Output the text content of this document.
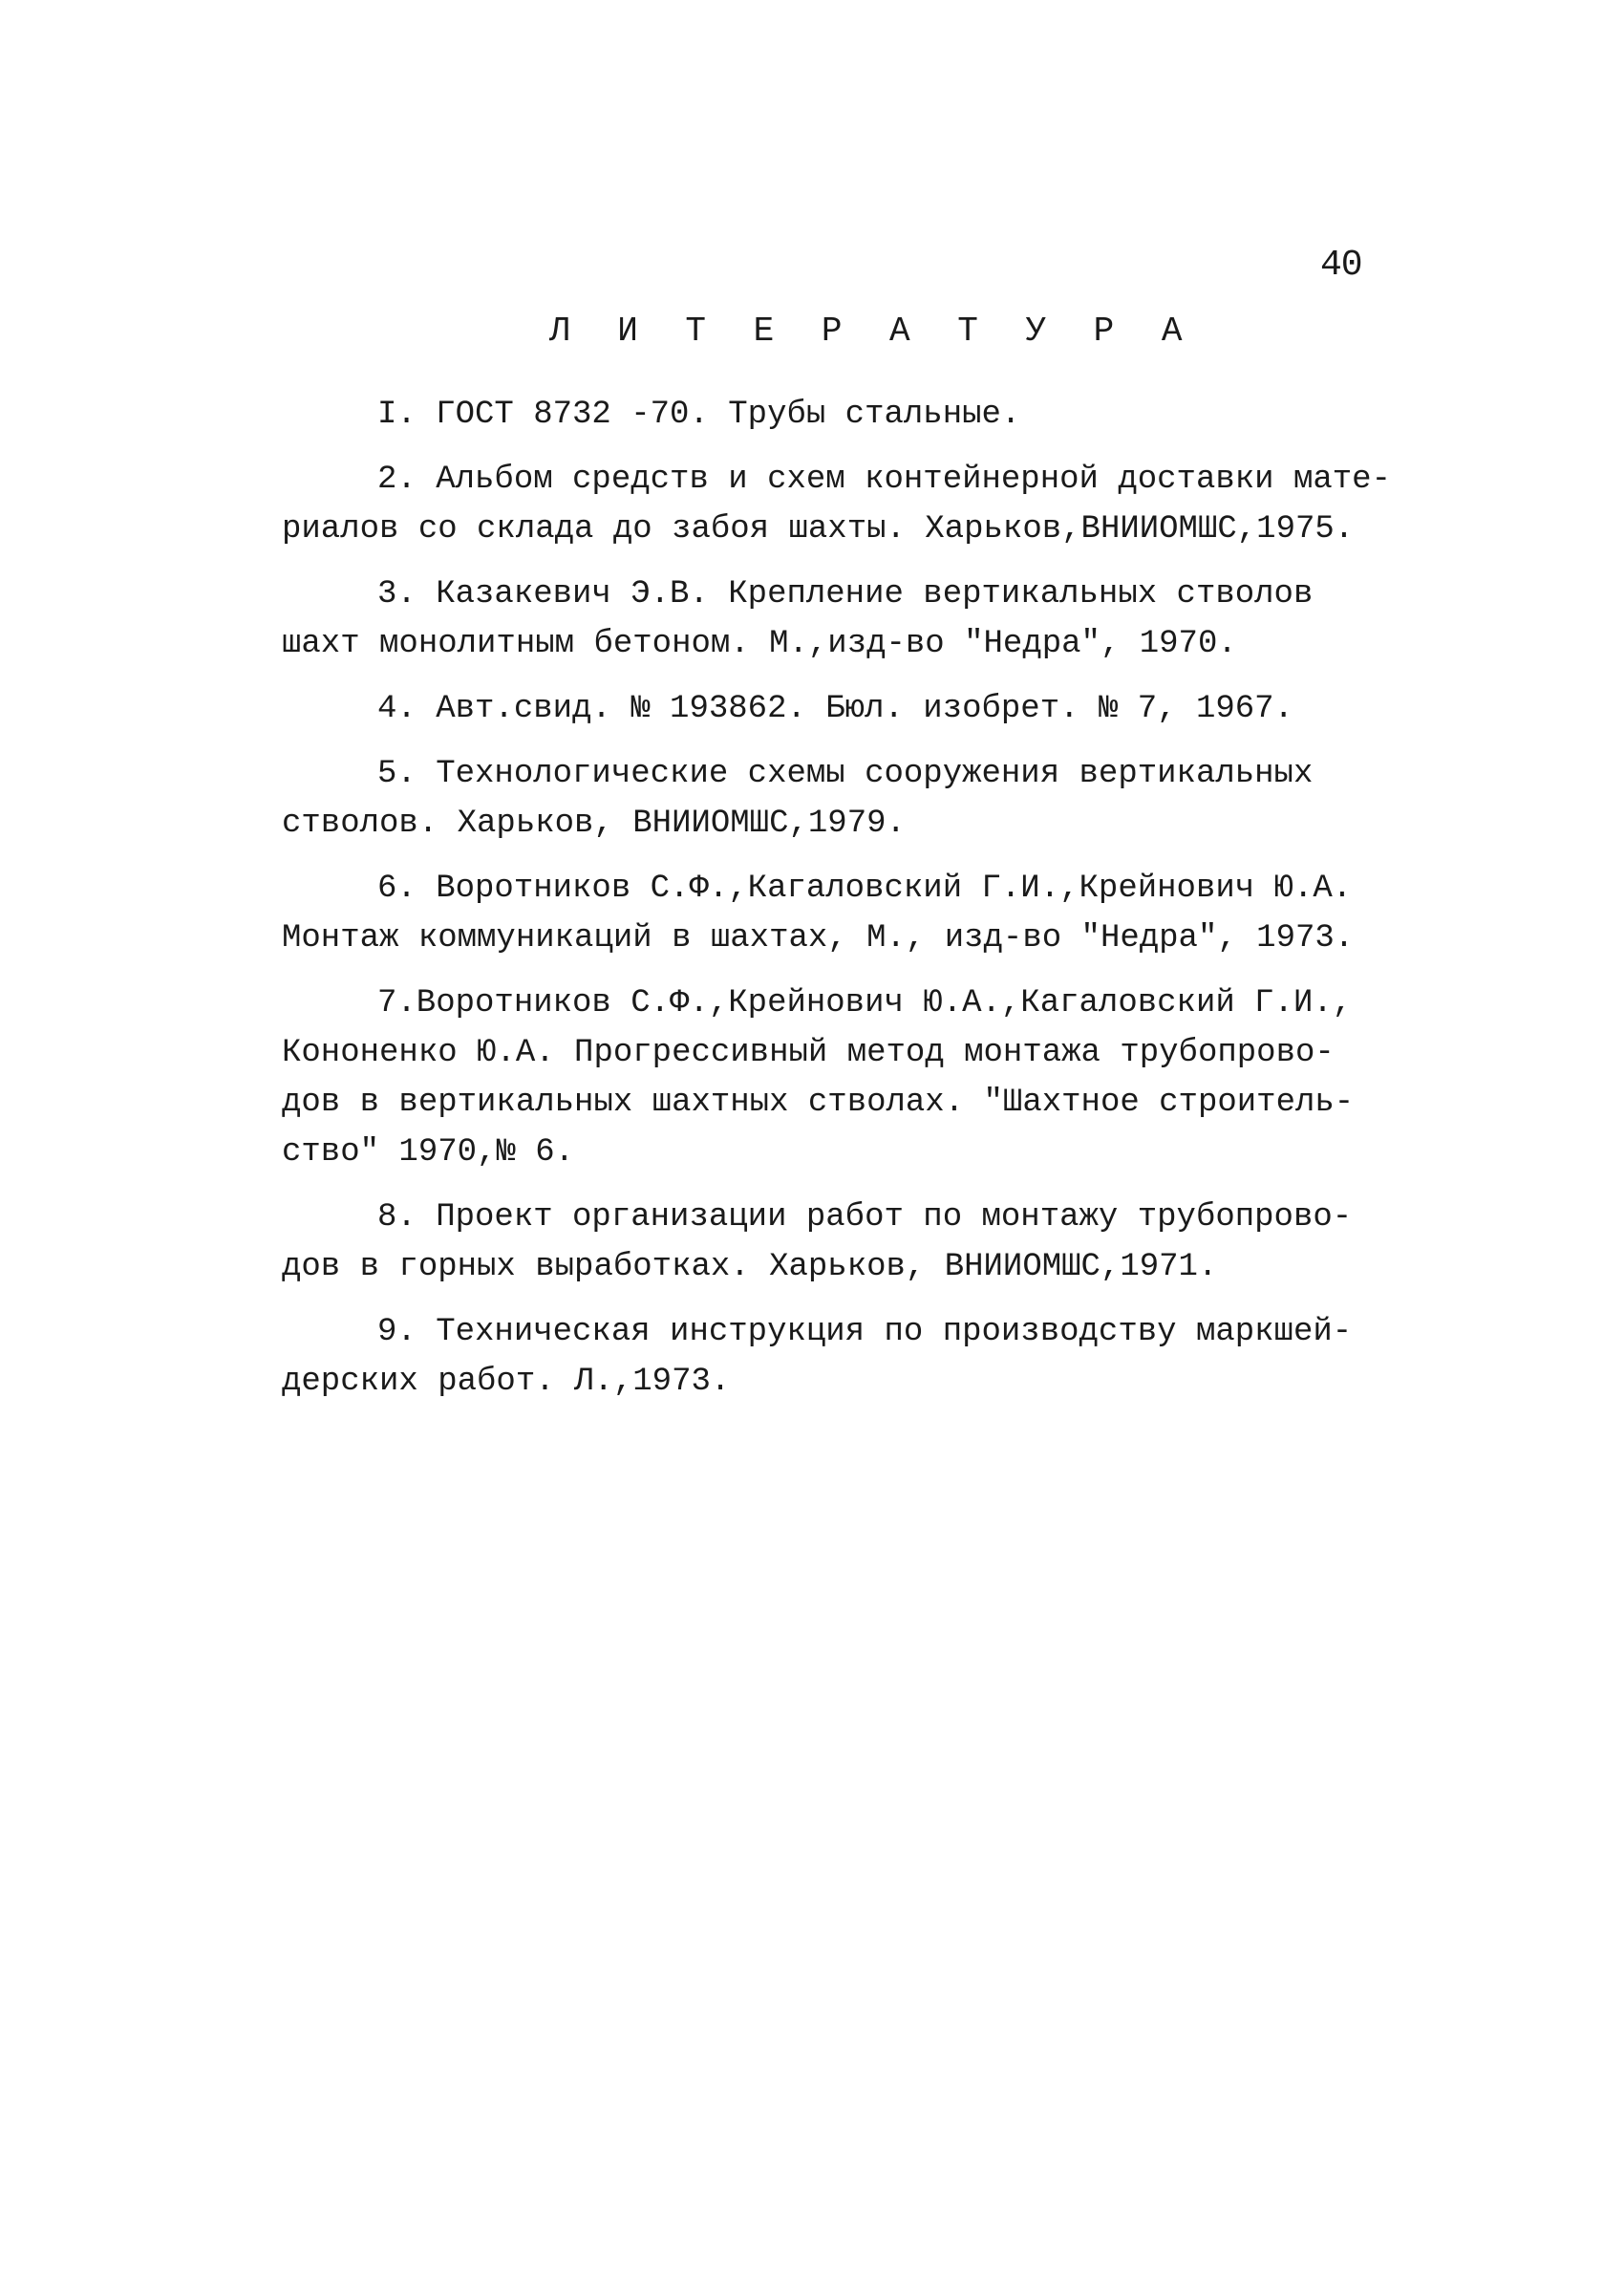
40
Л И Т Е Р А Т У Р А

I. ГОСТ 8732 -70. Трубы стальные.

2. Альбом средств и схем контейнерной доставки мате-
риалов со склада до забоя шахты. Харьков,ВНИИОМШС,1975.

3. Казакевич Э.В. Крепление вертикальных стволов
шахт монолитным бетоном. М.,изд-во "Недра", 1970.

4. Авт.свид. № 193862. Бюл. изобрет. № 7, 1967.

5. Технологические схемы сооружения вертикальных
стволов. Харьков, ВНИИОМШС,1979.

6. Воротников С.Ф.,Кагаловский Г.И.,Крейнович Ю.А.
Монтаж коммуникаций в шахтах, М., изд-во "Недра", 1973.

7.Воротников С.Ф.,Крейнович Ю.А.,Кагаловский Г.И.,
Кононенко Ю.А. Прогрессивный метод монтажа трубопрово-
дов в вертикальных шахтных стволах. "Шахтное строитель-
ство" 1970,№ 6.

8. Проект организации работ по монтажу трубопрово-
дов в горных выработках. Харьков, ВНИИОМШС,1971.

9. Техническая инструкция по производству маркшей-
дерских работ. Л.,1973.
